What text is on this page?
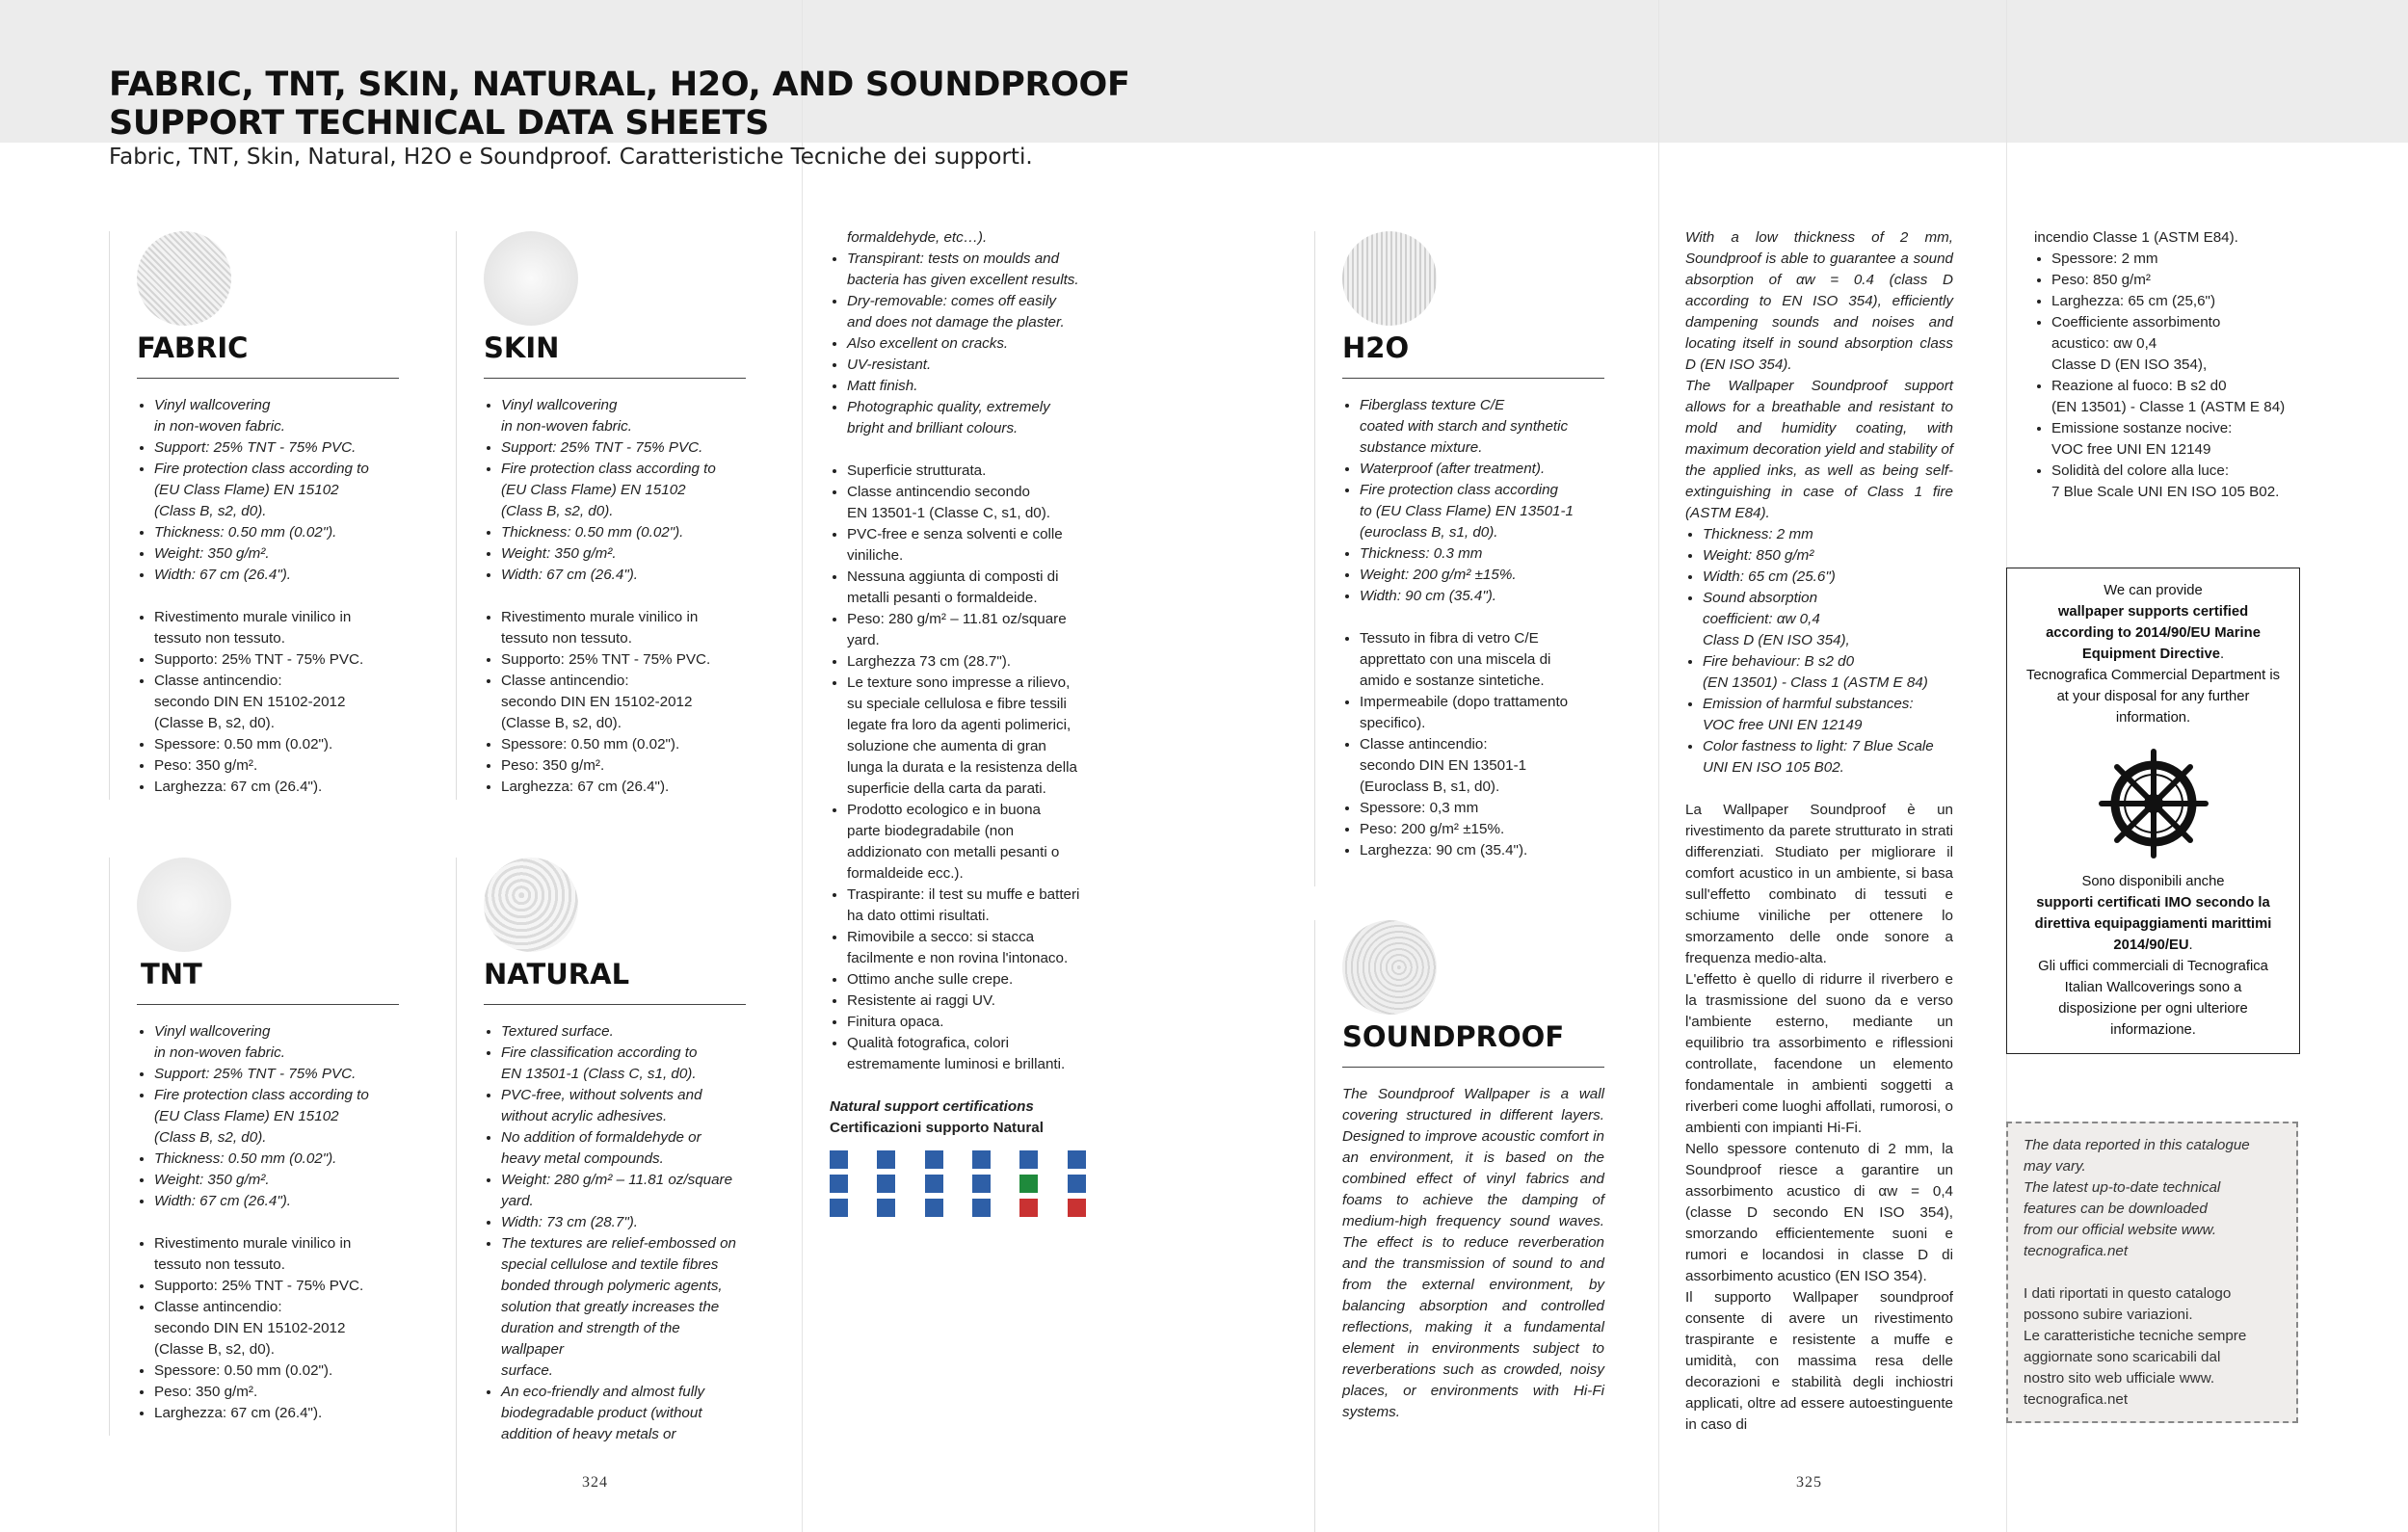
FABRIC, TNT, SKIN, NATURAL, H2O, AND SOUNDPROOF
SUPPORT TECHNICAL DATA SHEETS
Fabric, TNT, Skin, Natural, H2O e Soundproof. Caratteristiche Tecniche dei supporti.
FABRIC
• Vinyl wallcovering
in non-woven fabric.
• Support: 25% TNT - 75% PVC.
• Fire protection class according to
(EU Class Flame) EN 15102
(Class B, s2, d0).
• Thickness: 0.50 mm (0.02").
• Weight: 350 g/m².
• Width: 67 cm (26.4").
• Rivestimento murale vinilico in
tessuto non tessuto.
• Supporto: 25% TNT - 75% PVC.
• Classe antincendio:
secondo DIN EN 15102-2012
(Classe B, s2, d0).
• Spessore: 0.50 mm (0.02").
• Peso: 350 g/m².
• Larghezza: 67 cm (26.4").
SKIN
• Vinyl wallcovering
in non-woven fabric.
• Support: 25% TNT - 75% PVC.
• Fire protection class according to
(EU Class Flame) EN 15102
(Class B, s2, d0).
• Thickness: 0.50 mm (0.02").
• Weight: 350 g/m².
• Width: 67 cm (26.4").
• Rivestimento murale vinilico in
tessuto non tessuto.
• Supporto: 25% TNT - 75% PVC.
• Classe antincendio:
secondo DIN EN 15102-2012
(Classe B, s2, d0).
• Spessore: 0.50 mm (0.02").
• Peso: 350 g/m².
• Larghezza: 67 cm (26.4").
TNT
• Vinyl wallcovering
in non-woven fabric.
• Support: 25% TNT - 75% PVC.
• Fire protection class according to
(EU Class Flame) EN 15102
(Class B, s2, d0).
• Thickness: 0.50 mm (0.02").
• Weight: 350 g/m².
• Width: 67 cm (26.4").
• Rivestimento murale vinilico in
tessuto non tessuto.
• Supporto: 25% TNT - 75% PVC.
• Classe antincendio:
secondo DIN EN 15102-2012
(Classe B, s2, d0).
• Spessore: 0.50 mm (0.02").
• Peso: 350 g/m².
• Larghezza: 67 cm (26.4").
NATURAL
• Textured surface.
• Fire classification according to
EN 13501-1 (Class C, s1, d0).
• PVC-free, without solvents and
without acrylic adhesives.
• No addition of formaldehyde or
heavy metal compounds.
• Weight: 280 g/m² – 11.81 oz/square
yard.
• Width: 73 cm (28.7").
• The textures are relief-embossed on
special cellulose and textile fibres
bonded through polymeric agents,
solution that greatly increases the
duration and strength of the wallpaper
surface.
• An eco-friendly and almost fully
biodegradable product (without
addition of heavy metals or
formaldehyde, etc…).
• Transpirant: tests on moulds and
bacteria has given excellent results.
• Dry-removable: comes off easily
and does not damage the plaster.
• Also excellent on cracks.
• UV-resistant.
• Matt finish.
• Photographic quality, extremely
bright and brilliant colours.
• Superficie strutturata.
• Classe antincendio secondo
EN 13501-1 (Classe C, s1, d0).
• PVC-free e senza solventi e colle
viniliche.
• Nessuna aggiunta di composti di
metalli pesanti o formaldeide.
• Peso: 280 g/m² – 11.81 oz/square
yard.
• Larghezza 73 cm (28.7").
• Le texture sono impresse a rilievo,
su speciale cellulosa e fibre tessili
legate fra loro da agenti polimerici,
soluzione che aumenta di gran
lunga la durata e la resistenza della
superficie della carta da parati.
• Prodotto ecologico e in buona
parte biodegradabile (non
addizionato con metalli pesanti o
formaldeide ecc.).
• Traspirante: il test su muffe e batteri
ha dato ottimi risultati.
• Rimovibile a secco: si stacca
facilmente e non rovina l'intonaco.
• Ottimo anche sulle crepe.
• Resistente ai raggi UV.
• Finitura opaca.
• Qualità fotografica, colori
estremamente luminosi e brillanti.
Natural support certifications
Certificazioni supporto Natural
H2O
• Fiberglass texture C/E
coated with starch and synthetic
substance mixture.
• Waterproof (after treatment).
• Fire protection class according
to (EU Class Flame) EN 13501-1
(euroclass B, s1, d0).
• Thickness: 0.3 mm
• Weight: 200 g/m² ±15%.
• Width: 90 cm (35.4").
• Tessuto in fibra di vetro C/E
apprettato con una miscela di
amido e sostanze sintetiche.
• Impermeabile (dopo trattamento
specifico).
• Classe antincendio:
secondo DIN EN 13501-1
(Euroclass B, s1, d0).
• Spessore: 0,3 mm
• Peso: 200 g/m² ±15%.
• Larghezza: 90 cm (35.4").
SOUNDPROOF
The Soundproof Wallpaper is a wall covering structured in different layers. Designed to improve acoustic comfort in an environment, it is based on the combined effect of vinyl fabrics and foams to achieve the damping of medium-high frequency sound waves. The effect is to reduce reverberation and the transmission of sound to and from the external environment, by balancing absorption and controlled reflections, making it a fundamental element in environments subject to reverberations such as crowded, noisy places, or environments with Hi-Fi systems.
With a low thickness of 2 mm, Soundproof is able to guarantee a sound absorption of αw = 0.4 (class D according to EN ISO 354), efficiently dampening sounds and noises and locating itself in sound absorption class D (EN ISO 354).
The Wallpaper Soundproof support allows for a breathable and resistant to mold and humidity coating, with maximum decoration yield and stability of the applied inks, as well as being self-extinguishing in case of Class 1 fire (ASTM E84).
• Thickness: 2 mm
• Weight: 850 g/m²
• Width: 65 cm (25.6")
• Sound absorption
coefficient: αw 0,4
Class D (EN ISO 354),
• Fire behaviour: B s2 d0
(EN 13501) - Class 1 (ASTM E 84)
• Emission of harmful substances:
VOC free UNI EN 12149
• Color fastness to light: 7 Blue Scale
UNI EN ISO 105 B02.
La Wallpaper Soundproof è un rivestimento da parete strutturato in strati differenziati. Studiato per migliorare il comfort acustico in un ambiente, si basa sull'effetto combinato di tessuti e schiume viniliche per ottenere lo smorzamento delle onde sonore a frequenza medio-alta.
L'effetto è quello di ridurre il riverbero e la trasmissione del suono da e verso l'ambiente esterno, mediante un equilibrio tra assorbimento e riflessioni controllate, facendone un elemento fondamentale in ambienti soggetti a riverberi come luoghi affollati, rumorosi, o ambienti con impianti Hi-Fi.
Nello spessore contenuto di 2 mm, la Soundproof riesce a garantire un assorbimento acustico di αw = 0,4 (classe D secondo EN ISO 354), smorzando efficientemente suoni e rumori e locandosi in classe D di assorbimento acustico (EN ISO 354).
Il supporto Wallpaper soundproof consente di avere un rivestimento traspirante e resistente a muffe e umidità, con massima resa delle decorazioni e stabilità degli inchiostri applicati, oltre ad essere autoestinguente in caso di
incendio Classe 1 (ASTM E84).
• Spessore: 2 mm
• Peso: 850 g/m²
• Larghezza: 65 cm (25,6")
• Coefficiente assorbimento
acustico: αw 0,4
Classe D (EN ISO 354),
• Reazione al fuoco: B s2 d0
(EN 13501) - Classe 1 (ASTM E 84)
• Emissione sostanze nocive:
VOC free UNI EN 12149
• Solidità del colore alla luce:
7 Blue Scale UNI EN ISO 105 B02.
We can provide
wallpaper supports certified according to 2014/90/EU Marine Equipment Directive.
Tecnografica Commercial Department is at your disposal for any further information.
Sono disponibili anche
supporti certificati IMO secondo la direttiva equipaggiamenti marittimi 2014/90/EU.
Gli uffici commerciali di Tecnografica Italian Wallcoverings sono a disposizione per ogni ulteriore informazione.
The data reported in this catalogue
may vary.
The latest up-to-date technical
features can be downloaded
from our official website www.
tecnografica.net
I dati riportati in questo catalogo
possono subire variazioni.
Le caratteristiche tecniche sempre
aggiornate sono scaricabili dal
nostro sito web ufficiale www.
tecnografica.net
324	325
